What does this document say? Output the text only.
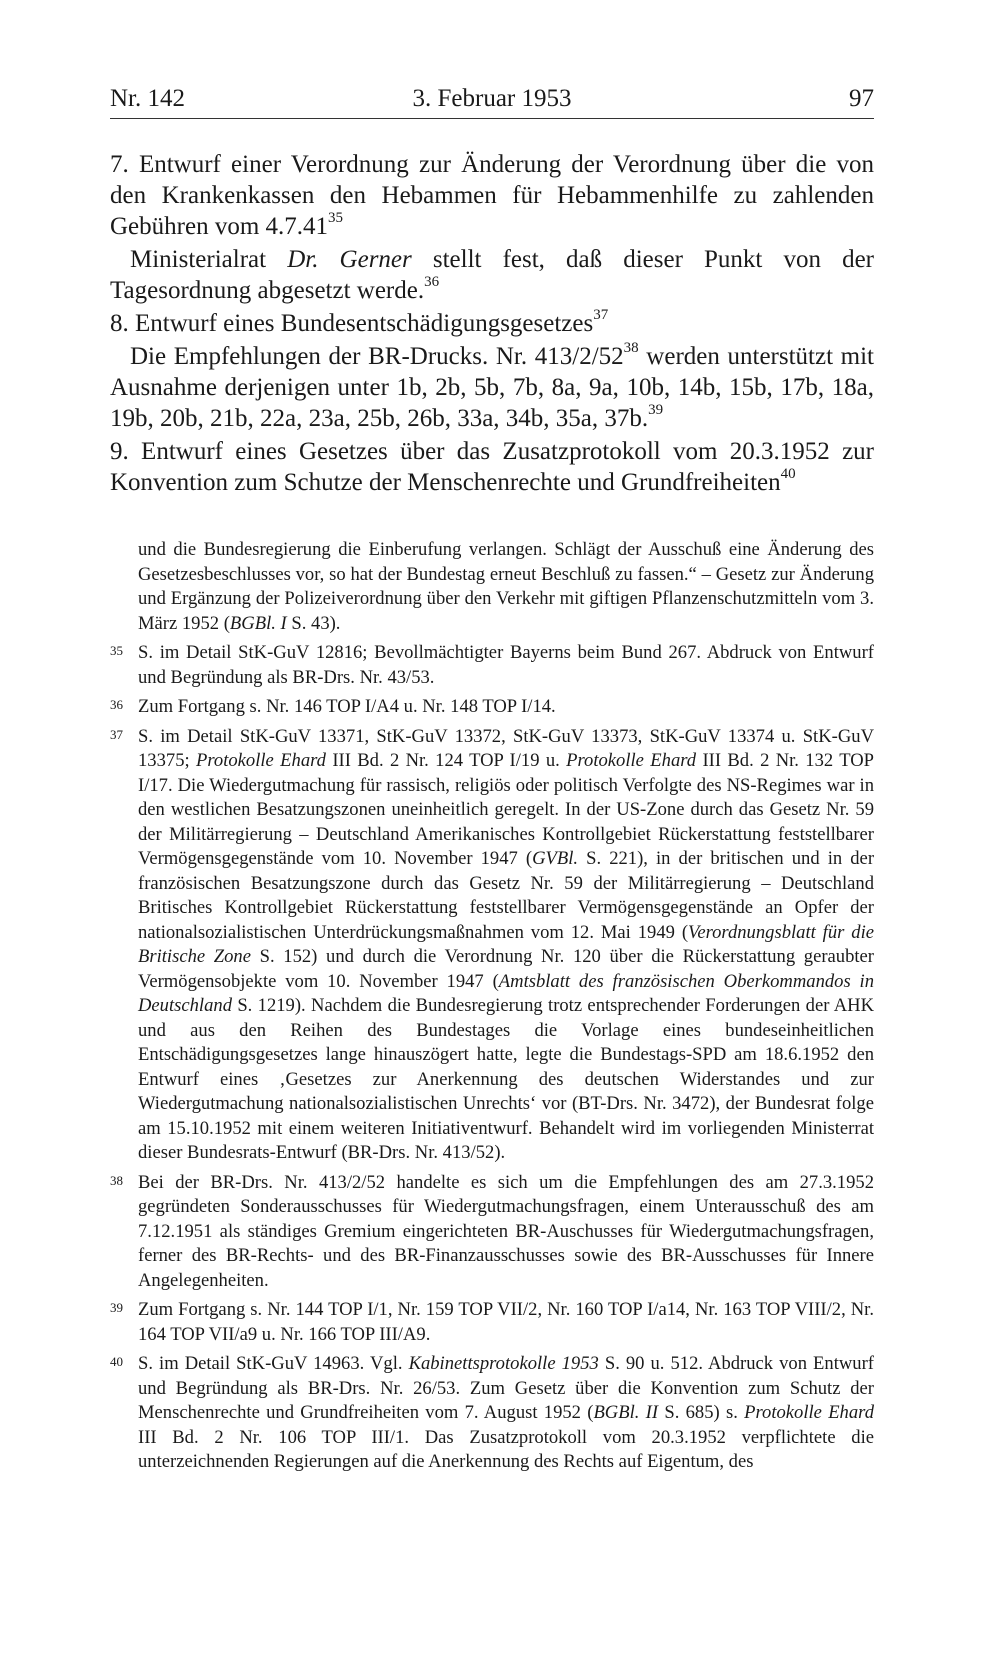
Nr. 142	3. Februar 1953	97

7. Entwurf einer Verordnung zur Änderung der Verordnung über die von den Krankenkassen den Hebammen für Hebammenhilfe zu zahlenden Gebühren vom 4.7.41$^{35}$

Ministerialrat Dr. Gerner stellt fest, daß dieser Punkt von der Tagesordnung abgesetzt werde.$^{36}$

8. Entwurf eines Bundesentschädigungsgesetzes$^{37}$

Die Empfehlungen der BR-Drucks. Nr. $413/2/52^{38}$ werden unterstützt mit Ausnahme derjenigen unter 1b, 2b, 5b, 7b, 8a, 9a, 10b, 14b, 15b, 17b, 18a, 19b, 20b, 21b, 22a, 23a, 25b, 26b, 33a, 34b, 35a, 37b.$^{39}$

9. Entwurf eines Gesetzes über das Zusatzprotokoll vom 20.3.1952 zur Konvention zum Schutze der Menschenrechte und Grundfreiheiten$^{40}$

und die Bundesregierung die Einberufung verlangen. Schlägt der Ausschuß eine Änderung des Gesetzesbeschlusses vor, so hat der Bundestag erneut Beschluß zu fassen.“ – Gesetz zur Änderung und Ergänzung der Polizeiverordnung über den Verkehr mit giftigen Pflanzenschutzmitteln vom 3. März 1952 (BGBl. I S. 43).

35 S. im Detail StK-GuV 12816; Bevollmächtigter Bayerns beim Bund 267. Abdruck von Entwurf und Begründung als BR-Drs. Nr. 43/53.

36 Zum Fortgang s. Nr. 146 TOP I/A4 u. Nr. 148 TOP I/14.

37 S. im Detail StK-GuV 13371, StK-GuV 13372, StK-GuV 13373, StK-GuV 13374 u. StK-GuV 13375; Protokolle Ehard III Bd. 2 Nr. 124 TOP I/19 u. Protokolle Ehard III Bd. 2 Nr. 132 TOP I/17. Die Wiedergutmachung für rassisch, religiös oder politisch Verfolgte des NS-Regimes war in den westlichen Besatzungszonen uneinheitlich geregelt. In der US-Zone durch das Gesetz Nr. 59 der Militärregierung – Deutschland Amerikanisches Kontrollgebiet Rückerstattung feststellbarer Vermögensgegenstände vom 10. November 1947 (GVBl. S. 221), in der britischen und in der französischen Besatzungszone durch das Gesetz Nr. 59 der Militärregierung – Deutschland Britisches Kontrollgebiet Rückerstattung feststellbarer Vermögensgegenstände an Opfer der nationalsozialistischen Unterdrückungsmaßnahmen vom 12. Mai 1949 (Verordnungsblatt für die Britische Zone S. 152) und durch die Verordnung Nr. 120 über die Rückerstattung geraubter Vermögensobjekte vom 10. November 1947 (Amtsblatt des französischen Oberkommandos in Deutschland S. 1219). Nachdem die Bundesregierung trotz entsprechender Forderungen der AHK und aus den Reihen des Bundestages die Vorlage eines bundeseinheitlichen Entschädigungsgesetzes lange hinauszögert hatte, legte die Bundestags-SPD am 18.6.1952 den Entwurf eines ‚Gesetzes zur Anerkennung des deutschen Widerstandes und zur Wiedergutmachung nationalsozialistischen Unrechts‘ vor (BT-Drs. Nr. 3472), der Bundesrat folge am 15.10.1952 mit einem weiteren Initiativentwurf. Behandelt wird im vorliegenden Ministerrat dieser Bundesrats-Entwurf (BR-Drs. Nr. 413/52).

38 Bei der BR-Drs. Nr. 413/2/52 handelte es sich um die Empfehlungen des am 27.3.1952 gegründeten Sonderausschusses für Wiedergutmachungsfragen, einem Unterausschuß des am 7.12.1951 als ständiges Gremium eingerichteten BR-Auschusses für Wiedergutmachungsfragen, ferner des BR-Rechts- und des BR-Finanzausschusses sowie des BR-Ausschusses für Innere Angelegenheiten.

39 Zum Fortgang s. Nr. 144 TOP I/1, Nr. 159 TOP VII/2, Nr. 160 TOP I/a14, Nr. 163 TOP VIII/2, Nr. 164 TOP VII/a9 u. Nr. 166 TOP III/A9.

40 S. im Detail StK-GuV 14963. Vgl. Kabinettsprotokolle 1953 S. 90 u. 512. Abdruck von Entwurf und Begründung als BR-Drs. Nr. 26/53. Zum Gesetz über die Konvention zum Schutz der Menschenrechte und Grundfreiheiten vom 7. August 1952 (BGBl. II S. 685) s. Protokolle Ehard III Bd. 2 Nr. 106 TOP III/1. Das Zusatzprotokoll vom 20.3.1952 verpflichtete die unterzeichnenden Regierungen auf die Anerkennung des Rechts auf Eigentum, des
